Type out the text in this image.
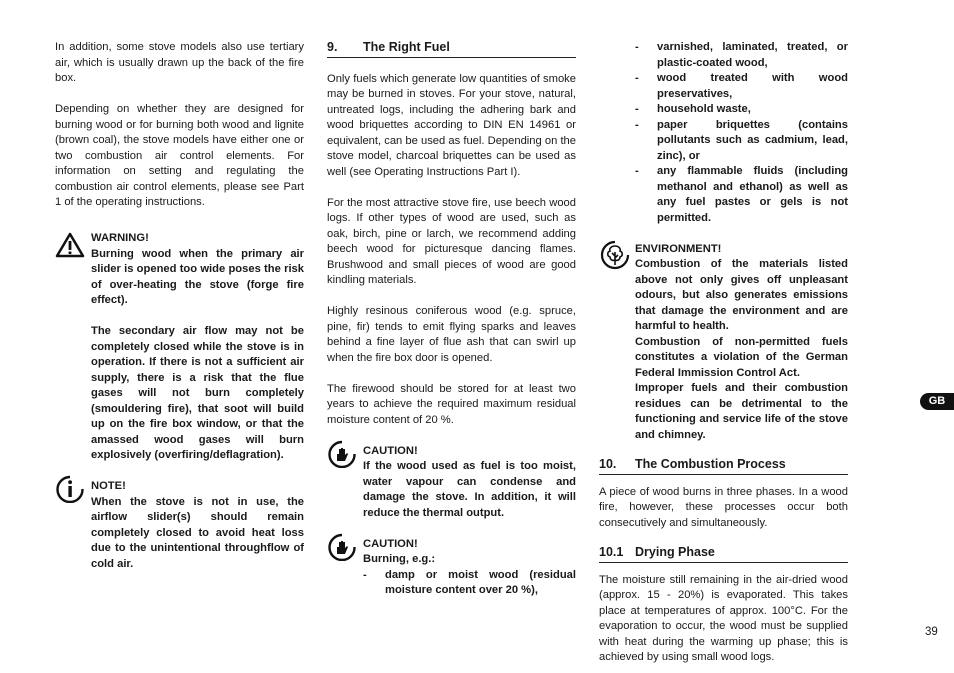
In addition, some stove models also use tertiary air, which is usually drawn up the back of the fire box.

Depending on whether they are designed for burning wood or for burning both wood and lignite (brown coal), the stove models have either one or two combustion air control elements. For information on setting and regulating the combustion air control elements, please see Part 1 of the operating instructions.

WARNING!

Burning wood when the primary air slider is opened too wide poses the risk of over-heating the stove (forge fire effect).

The secondary air flow may not be completely closed while the stove is in operation. If there is not a sufficient air supply, there is a risk that the flue gases will not burn completely (smouldering fire), that soot will build up on the fire box window, or that the amassed wood gases will burn explosively (overfiring/deflagration).

NOTE!

When the stove is not in use, the airflow slider(s) should remain completely closed to avoid heat loss due to the unintentional throughflow of cold air.

9. The Right Fuel

Only fuels which generate low quantities of smoke may be burned in stoves. For your stove, natural, untreated logs, including the adhering bark and wood briquettes according to DIN EN 14961 or equivalent, can be used as fuel. Depending on the stove model, charcoal briquettes can be used as well (see Operating Instructions Part I).

For the most attractive stove fire, use beech wood logs. If other types of wood are used, such as oak, birch, pine or larch, we recommend adding beech wood for picturesque dancing flames. Brushwood and small pieces of wood are good kindling materials.

Highly resinous coniferous wood (e.g. spruce, pine, fir) tends to emit flying sparks and leaves behind a fine layer of flue ash that can swirl up when the fire box door is opened.

The firewood should be stored for at least two years to achieve the required maximum residual moisture content of 20 %.

CAUTION!

If the wood used as fuel is too moist, water vapour can condense and damage the stove. In addition, it will reduce the thermal output.

CAUTION!

Burning, e.g.:

- damp or moist wood (residual moisture content over 20 %),
- varnished, laminated, treated, or plastic-coated wood,
- wood treated with wood preservatives,
- household waste,
- paper briquettes (contains pollutants such as cadmium, lead, zinc), or
- any flammable fluids (including methanol and ethanol) as well as any fuel pastes or gels is not permitted.

ENVIRONMENT!

Combustion of the materials listed above not only gives off unpleasant odours, but also generates emissions that damage the environment and are harmful to health.

Combustion of non-permitted fuels constitutes a violation of the German Federal Immission Control Act.

Improper fuels and their combustion residues can be detrimental to the functioning and service life of the stove and chimney.

10. The Combustion Process

A piece of wood burns in three phases. In a wood fire, however, these processes occur both consecutively and simultaneously.

10.1 Drying Phase

The moisture still remaining in the air-dried wood (approx. 15 - 20%) is evaporated. This takes place at temperatures of approx. 100°C. For the evaporation to occur, the wood must be supplied with heat during the warming up phase; this is achieved by using small wood logs.

GB
39
